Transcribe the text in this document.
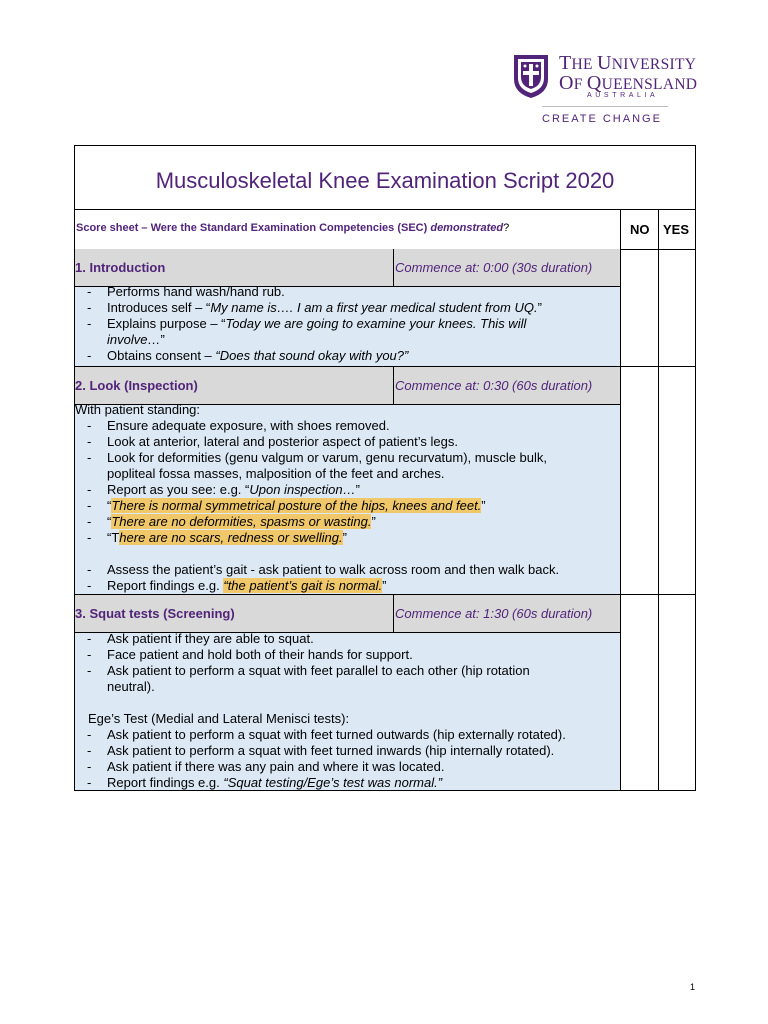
THE UNIVERSITY
OF QUEENSLAND
AUSTRALIA
CREATE CHANGE
Musculoskeletal Knee Examination Script 2020
Score sheet – Were the Standard Examination Competencies (SEC) demonstrated?	NO YES
1. Introduction	Commence at: 0:00 (30s duration)
- Performs hand wash/hand rub.
- Introduces self – “My name is…. I am a first year medical student from UQ.”
- Explains purpose – “Today we are going to examine your knees. This will
involve…”
- Obtains consent – “Does that sound okay with you?”
2. Look (Inspection)	Commence at: 0:30 (60s duration)
With patient standing:
- Ensure adequate exposure, with shoes removed.
- Look at anterior, lateral and posterior aspect of patient’s legs.
- Look for deformities (genu valgum or varum, genu recurvatum), muscle bulk,
popliteal fossa masses, malposition of the feet and arches.
- Report as you see: e.g. “Upon inspection…”
- “There is normal symmetrical posture of the hips, knees and feet.”
- “There are no deformities, spasms or wasting.”
- “There are no scars, redness or swelling.”
- Assess the patient’s gait - ask patient to walk across room and then walk back.
- Report findings e.g. “the patient’s gait is normal.”
3. Squat tests (Screening)	Commence at: 1:30 (60s duration)
- Ask patient if they are able to squat.
- Face patient and hold both of their hands for support.
- Ask patient to perform a squat with feet parallel to each other (hip rotation
neutral).
Ege’s Test (Medial and Lateral Menisci tests):
- Ask patient to perform a squat with feet turned outwards (hip externally rotated).
- Ask patient to perform a squat with feet turned inwards (hip internally rotated).
- Ask patient if there was any pain and where it was located.
- Report findings e.g. “Squat testing/Ege’s test was normal.”
1
